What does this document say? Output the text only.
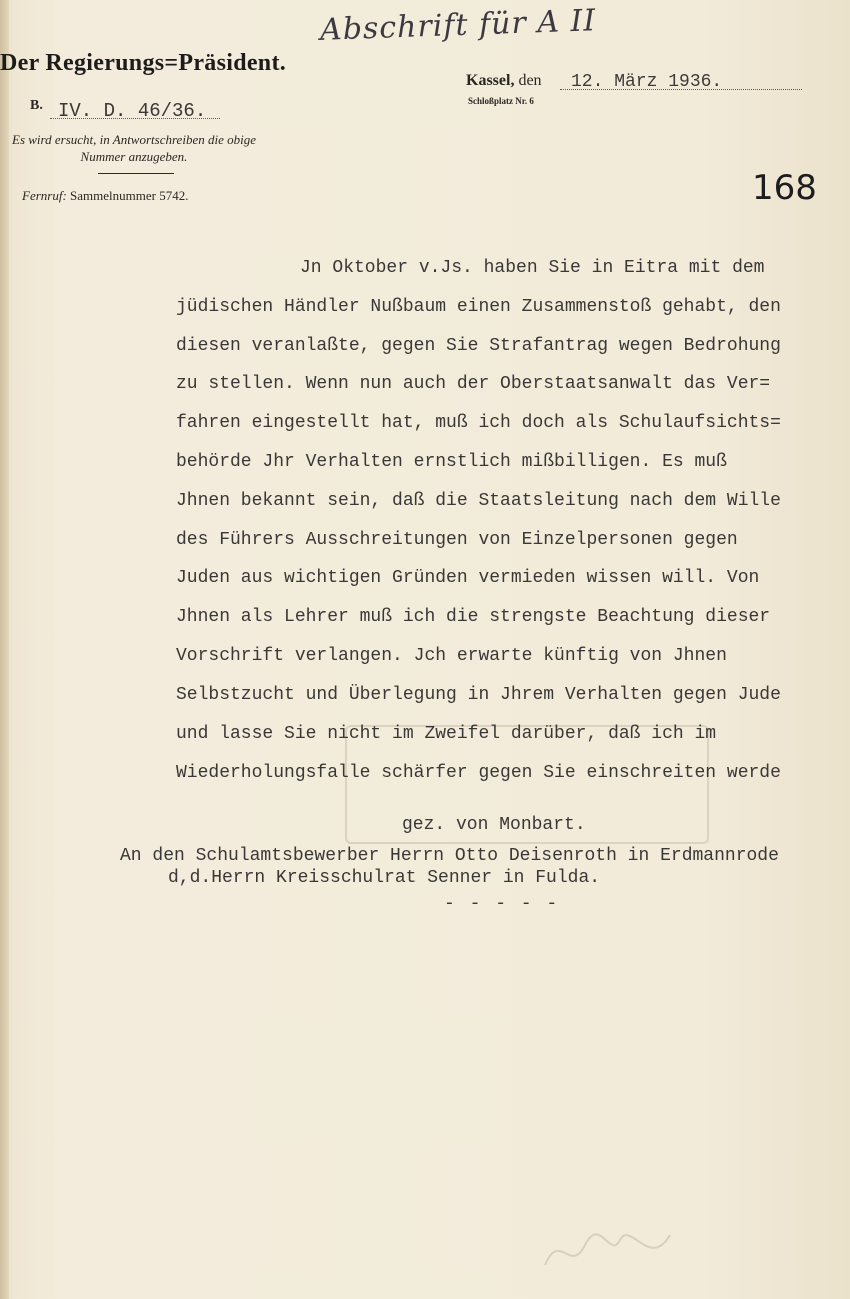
Abschrift für A II
Der Regierungs=Präsident.
B. IV. D. 46/36.
Es wird ersucht, in Antwortschreiben die obige
Nummer anzugeben.
Fernruf: Sammelnummer 5742.
Kassel, den 12. März 1936.
Schloßplatz Nr. 6
168
Jn Oktober v.Js. haben Sie in Eitra mit dem
jüdischen Händler Nußbaum einen Zusammenstoß gehabt, den
diesen veranlaßte, gegen Sie Strafantrag wegen Bedrohung
zu stellen. Wenn nun auch der Oberstaatsanwalt das Ver=
fahren eingestellt hat, muß ich doch als Schulaufsichts=
behörde Jhr Verhalten ernstlich mißbilligen. Es muß
Jhnen bekannt sein, daß die Staatsleitung nach dem Wille
des Führers Ausschreitungen von Einzelpersonen gegen
Juden aus wichtigen Gründen vermieden wissen will. Von
Jhnen als Lehrer muß ich die strengste Beachtung dieser
Vorschrift verlangen. Jch erwarte künftig von Jhnen
Selbstzucht und Überlegung in Jhrem Verhalten gegen Jude
und lasse Sie nicht im Zweifel darüber, daß ich im
Wiederholungsfalle schärfer gegen Sie einschreiten werde
gez. von Monbart.
An den Schulamtsbewerber Herrn Otto Deisenroth in Erdmannrode
d,d.Herrn Kreisschulrat Senner in Fulda.
- - - - -
